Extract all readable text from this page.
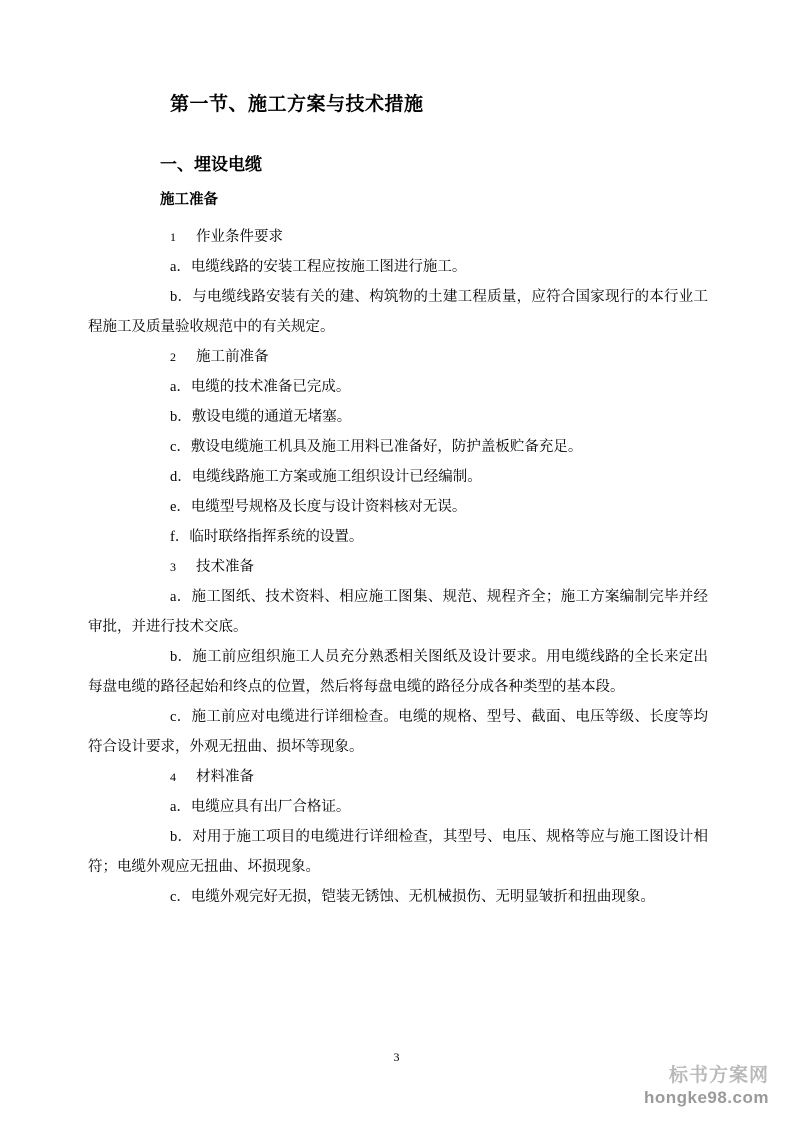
第一节、施工方案与技术措施
一、埋设电缆
施工准备
1 作业条件要求

a．电缆线路的安装工程应按施工图进行施工。

b．与电缆线路安装有关的建、构筑物的土建工程质量，应符合国家现行的本行业工程施工及质量验收规范中的有关规定。

2 施工前准备

a．电缆的技术准备已完成。

b．敷设电缆的通道无堵塞。

c．敷设电缆施工机具及施工用料已准备好，防护盖板贮备充足。

d．电缆线路施工方案或施工组织设计已经编制。

e．电缆型号规格及长度与设计资料核对无误。

f．临时联络指挥系统的设置。

3 技术准备

a．施工图纸、技术资料、相应施工图集、规范、规程齐全；施工方案编制完毕并经审批，并进行技术交底。

b．施工前应组织施工人员充分熟悉相关图纸及设计要求。用电缆线路的全长来定出每盘电缆的路径起始和终点的位置，然后将每盘电缆的路径分成各种类型的基本段。

c．施工前应对电缆进行详细检查。电缆的规格、型号、截面、电压等级、长度等均符合设计要求，外观无扭曲、损坏等现象。

4 材料准备

a．电缆应具有出厂合格证。

b．对用于施工项目的电缆进行详细检查，其型号、电压、规格等应与施工图设计相符；电缆外观应无扭曲、坏损现象。

c．电缆外观完好无损，铠装无锈蚀、无机械损伤、无明显皱折和扭曲现象。

3
标书方案网
hongke98.com
